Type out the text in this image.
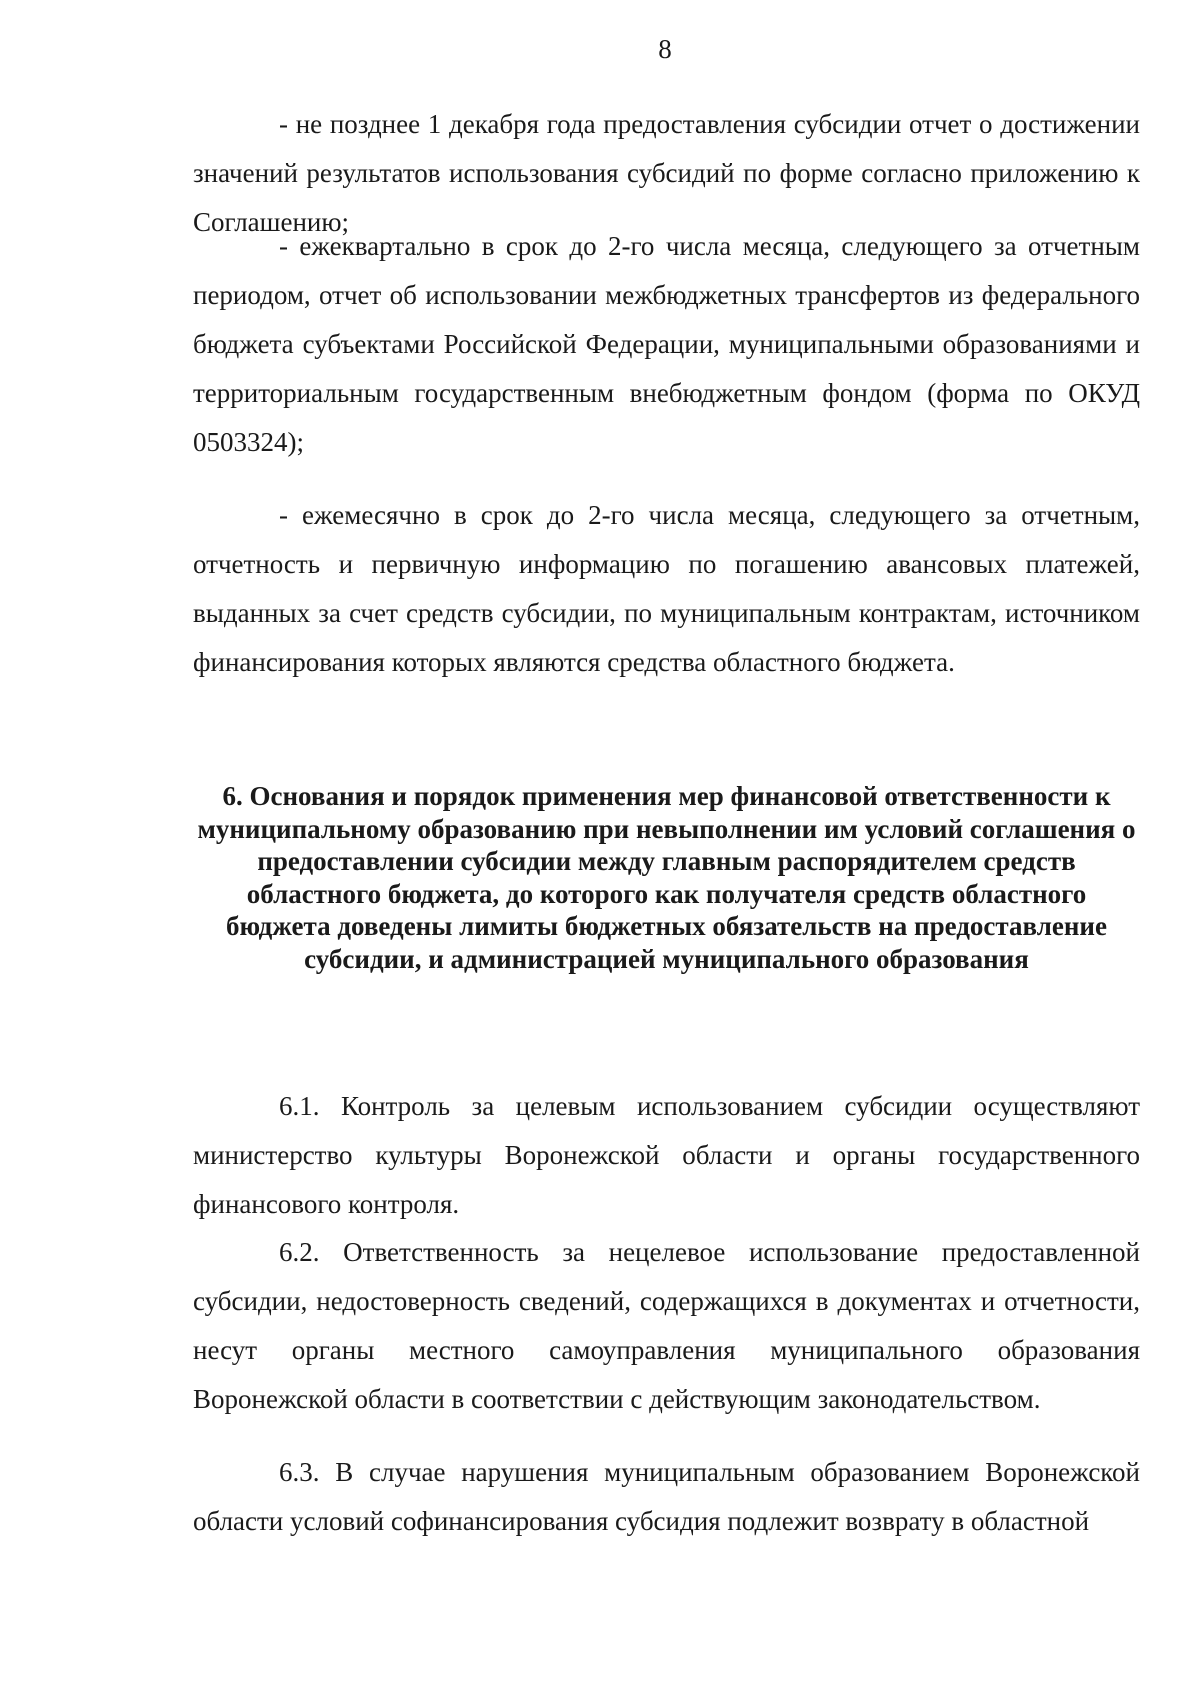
8

- не позднее 1 декабря года предоставления субсидии отчет о достижении значений результатов использования субсидий по форме согласно приложению к Соглашению;

- ежеквартально в срок до 2-го числа месяца, следующего за отчетным периодом, отчет об использовании межбюджетных трансфертов из федерального бюджета субъектами Российской Федерации, муниципальными образованиями и территориальным государственным внебюджетным фондом (форма по ОКУД 0503324);

- ежемесячно в срок до 2-го числа месяца, следующего за отчетным, отчетность и первичную информацию по погашению авансовых платежей, выданных за счет средств субсидии, по муниципальным контрактам, источником финансирования которых являются средства областного бюджета.

6. Основания и порядок применения мер финансовой ответственности к муниципальному образованию при невыполнении им условий соглашения о предоставлении субсидии между главным распорядителем средств областного бюджета, до которого как получателя средств областного бюджета доведены лимиты бюджетных обязательств на предоставление субсидии, и администрацией муниципального образования

6.1. Контроль за целевым использованием субсидии осуществляют министерство культуры Воронежской области и органы государственного финансового контроля.

6.2. Ответственность за нецелевое использование предоставленной субсидии, недостоверность сведений, содержащихся в документах и отчетности, несут органы местного самоуправления муниципального образования Воронежской области в соответствии с действующим законодательством.

6.3. В случае нарушения муниципальным образованием Воронежской области условий софинансирования субсидия подлежит возврату в областной
